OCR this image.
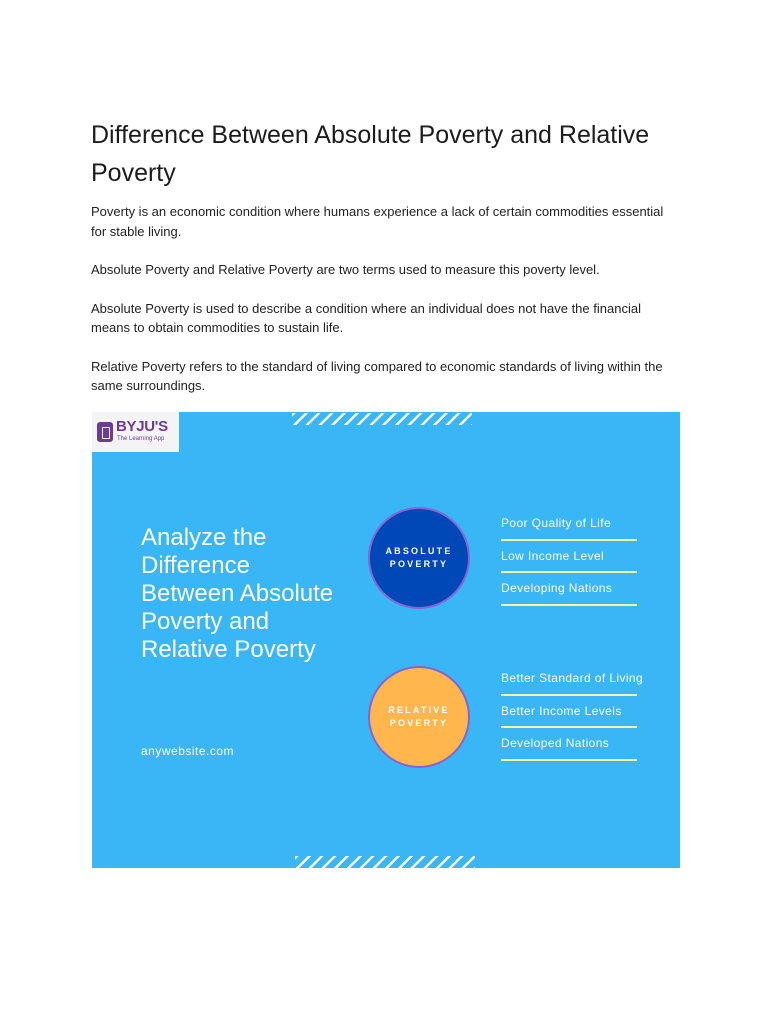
Difference Between Absolute Poverty and Relative Poverty

Poverty is an economic condition where humans experience a lack of certain commodities essential for stable living.

Absolute Poverty and Relative Poverty are two terms used to measure this poverty level.

Absolute Poverty is used to describe a condition where an individual does not have the financial means to obtain commodities to sustain life.

Relative Poverty refers to the standard of living compared to economic standards of living within the same surroundings.

BYJU'S
The Learning App
Analyze the Difference Between Absolute Poverty and Relative Poverty
anywebsite.com
ABSOLUTE
POVERTY
Poor Quality of Life
Low Income Level
Developing Nations
RELATIVE
POVERTY
Better Standard of Living
Better Income Levels
Developed Nations
